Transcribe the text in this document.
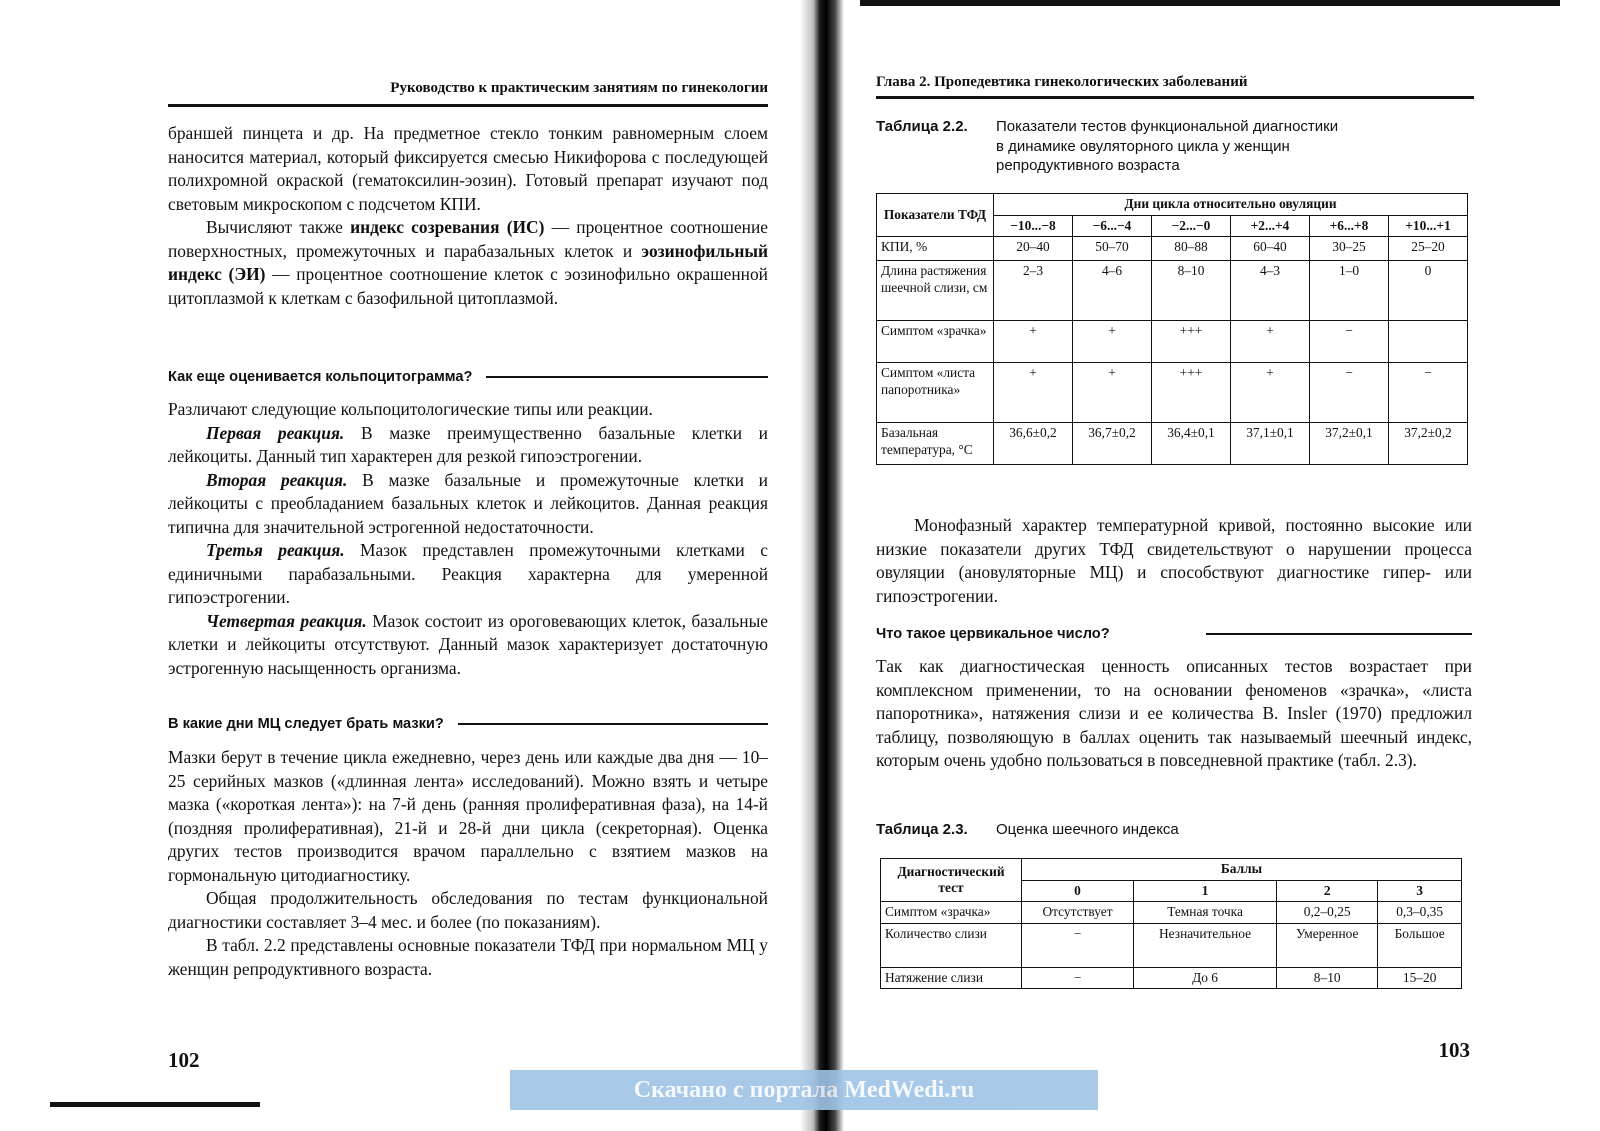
Руководство к практическим занятиям по гинекологии

браншей пинцета и др. На предметное стекло тонким равномерным слоем наносится материал, который фиксируется смесью Никифорова с последующей полихромной окраской (гематоксилин-эозин). Готовый препарат изучают под световым микроскопом с подсчетом КПИ.

Вычисляют также индекс созревания (ИС) — процентное соотношение поверхностных, промежуточных и парабазальных клеток и эозинофильный индекс (ЭИ) — процентное соотношение клеток с эозинофильно окрашенной цитоплазмой к клеткам с базофильной цитоплазмой.

Как еще оценивается кольпоцитограмма?

Различают следующие кольпоцитологические типы или реакции.

Первая реакция. В мазке преимущественно базальные клетки и лейкоциты. Данный тип характерен для резкой гипоэстрогении.

Вторая реакция. В мазке базальные и промежуточные клетки и лейкоциты с преобладанием базальных клеток и лейкоцитов. Данная реакция типична для значительной эстрогенной недостаточности.

Третья реакция. Мазок представлен промежуточными клетками с единичными парабазальными. Реакция характерна для умеренной гипоэстрогении.

Четвертая реакция. Мазок состоит из ороговевающих клеток, базальные клетки и лейкоциты отсутствуют. Данный мазок характеризует достаточную эстрогенную насыщенность организма.

В какие дни МЦ следует брать мазки?

Мазки берут в течение цикла ежедневно, через день или каждые два дня — 10–25 серийных мазков («длинная лента» исследований). Можно взять и четыре мазка («короткая лента»): на 7-й день (ранняя пролиферативная фаза), на 14-й (поздняя пролиферативная), 21-й и 28-й дни цикла (секреторная). Оценка других тестов производится врачом параллельно с взятием мазков на гормональную цитодиагностику.

Общая продолжительность обследования по тестам функциональной диагностики составляет 3–4 мес. и более (по показаниям).

В табл. 2.2 представлены основные показатели ТФД при нормальном МЦ у женщин репродуктивного возраста.

102
Глава 2. Пропедевтика гинекологических заболеваний
Таблица 2.2.	Показатели тестов функциональной диагностики
в динамике овуляторного цикла у женщин
репродуктивного возраста
Показатели ТФД	Дни цикла относительно овуляции					
	−10...−8	−6...−4	−2...−0	+2...+4	+6...+8	+10...+1
КПИ, %	20–40	50–70	80–88	60–40	30–25	25–20
Длина растяжения шеечной слизи, см	2–3	4–6	8–10	4–3	1–0	0
Симптом «зрачка»	+	+	+++	+	−	
Симптом «листа папоротника»	+	+	+++	+	−	−
Базальная температура, °С	36,6±0,2	36,7±0,2	36,4±0,1	37,1±0,1	37,2±0,1	37,2±0,2

Монофазный характер температурной кривой, постоянно высокие или низкие показатели других ТФД свидетельствуют о нарушении процесса овуляции (ановуляторные МЦ) и способствуют диагностике гипер- или гипоэстрогении.

Что такое цервикальное число?

Так как диагностическая ценность описанных тестов возрастает при комплексном применении, то на основании феноменов «зрачка», «листа папоротника», натяжения слизи и ее количества В. Insler (1970) предложил таблицу, позволяющую в баллах оценить так называемый шеечный индекс, которым очень удобно пользоваться в повседневной практике (табл. 2.3).

Таблица 2.3. Оценка шеечного индекса
Диагностический тест	Баллы			
	0	1	2	3
Симптом «зрачка»	Отсутствует	Темная точка	0,2–0,25	0,3–0,35
Количество слизи	−	Незначительное	Умеренное	Большое
Натяжение слизи	−	До 6	8–10	15–20
103
Скачано с портала MedWedi.ru
